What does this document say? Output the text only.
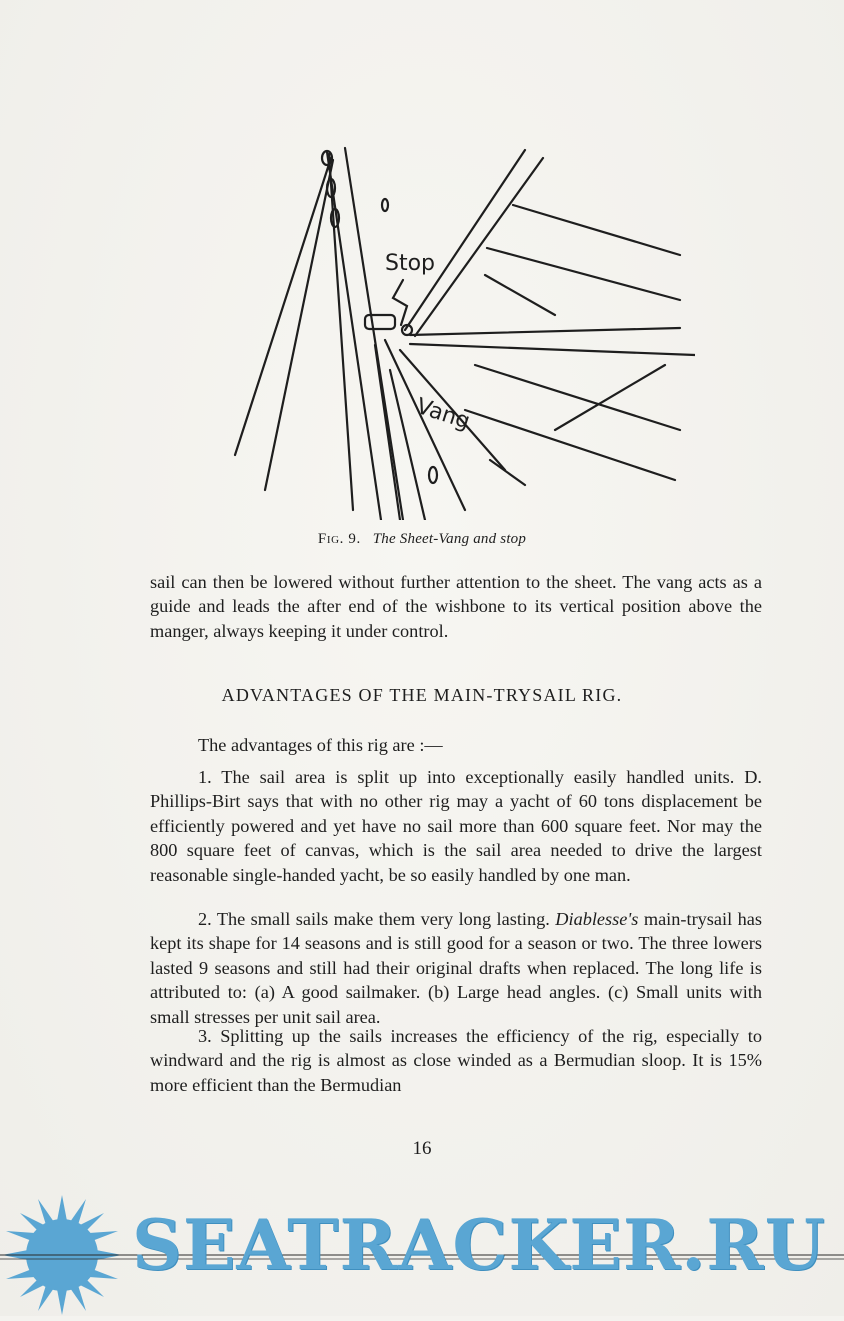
Stop
Vang
Fig. 9. The Sheet-Vang and stop

sail can then be lowered without further attention to the sheet. The vang acts as a guide and leads the after end of the wishbone to its vertical position above the manger, always keeping it under control.

ADVANTAGES OF THE MAIN-TRYSAIL RIG.

The advantages of this rig are :—

1. The sail area is split up into exceptionally easily handled units. D. Phillips-Birt says that with no other rig may a yacht of 60 tons displacement be efficiently powered and yet have no sail more than 600 square feet. Nor may the 800 square feet of canvas, which is the sail area needed to drive the largest reasonable single-handed yacht, be so easily handled by one man.

2. The small sails make them very long lasting. Diablesse's main-trysail has kept its shape for 14 seasons and is still good for a season or two. The three lowers lasted 9 seasons and still had their original drafts when replaced. The long life is attributed to: (a) A good sailmaker. (b) Large head angles. (c) Small units with small stresses per unit sail area.

3. Splitting up the sails increases the efficiency of the rig, especially to windward and the rig is almost as close winded as a Bermudian sloop. It is 15% more efficient than the Bermudian

16
SEATRACKER.RU
